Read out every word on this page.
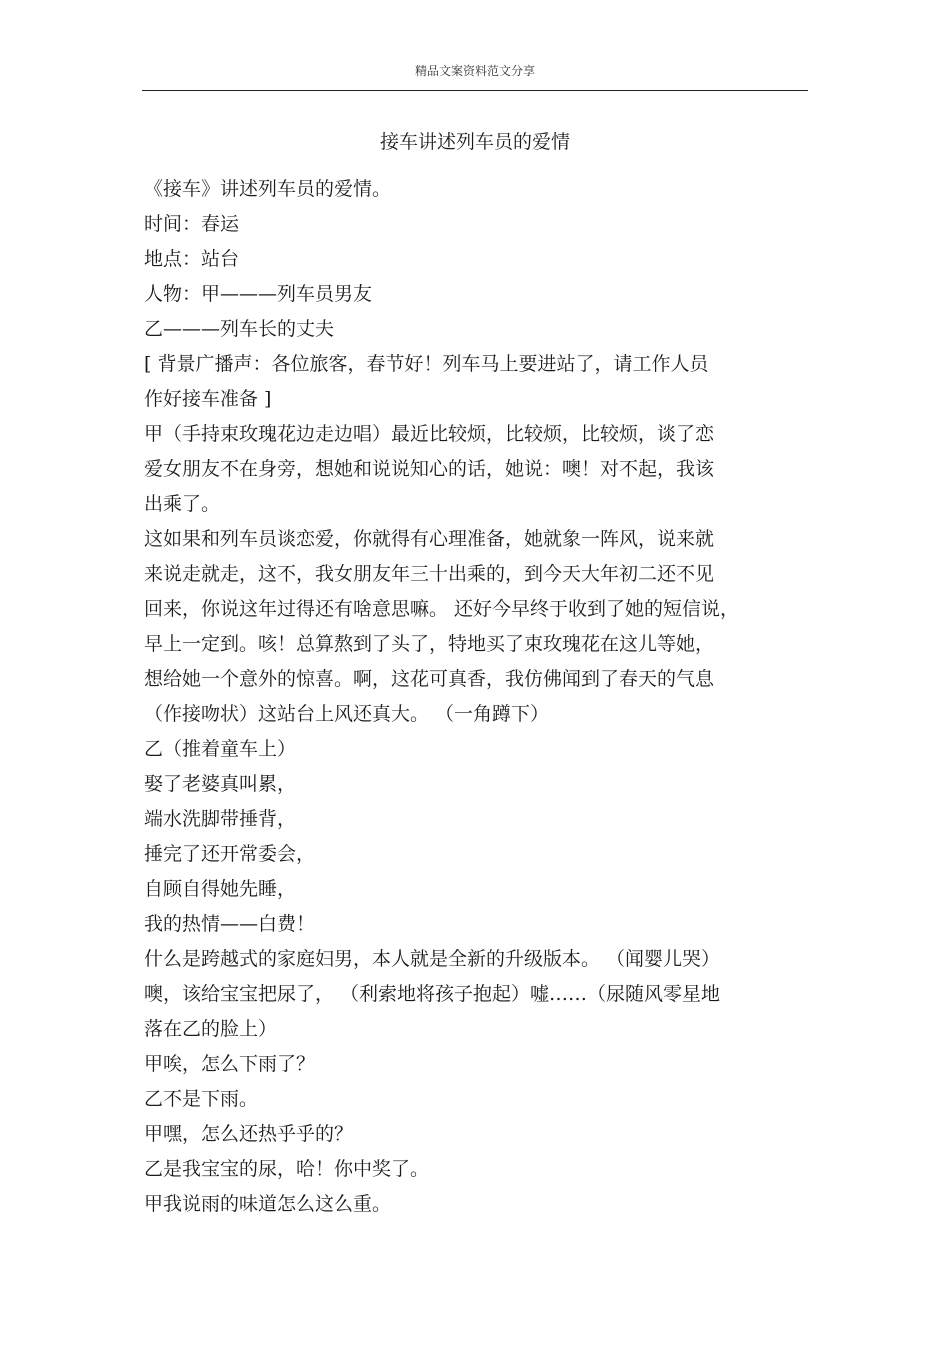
精品文案资料范文分享
接车讲述列车员的爱情
《接车》讲述列车员的爱情。
时间：春运
地点：站台
人物：甲———列车员男友
乙———列车长的丈夫
[ 背景广播声：各位旅客，春节好！列车马上要进站了，请工作人员
作好接车准备 ]
甲（手持束玫瑰花边走边唱）最近比较烦，比较烦，比较烦，谈了恋
爱女朋友不在身旁，想她和说说知心的话，她说：噢！对不起，我该
出乘了。
这如果和列车员谈恋爱，你就得有心理准备，她就象一阵风，说来就
来说走就走，这不，我女朋友年三十出乘的，到今天大年初二还不见
回来，你说这年过得还有啥意思嘛。 还好今早终于收到了她的短信说，
早上一定到。咳！总算熬到了头了，特地买了束玫瑰花在这儿等她，
想给她一个意外的惊喜。啊，这花可真香，我仿佛闻到了春天的气息
（作接吻状）这站台上风还真大。 （一角蹲下）
乙（推着童车上）
娶了老婆真叫累，
端水洗脚带捶背，
捶完了还开常委会，
自顾自得她先睡，
我的热情——白费！
什么是跨越式的家庭妇男，本人就是全新的升级版本。 （闻婴儿哭）
噢，该给宝宝把尿了， （利索地将孩子抱起）嘘……（尿随风零星地
落在乙的脸上）
甲唉，怎么下雨了？
乙不是下雨。
甲嘿，怎么还热乎乎的？
乙是我宝宝的尿，哈！你中奖了。
甲我说雨的味道怎么这么重。
